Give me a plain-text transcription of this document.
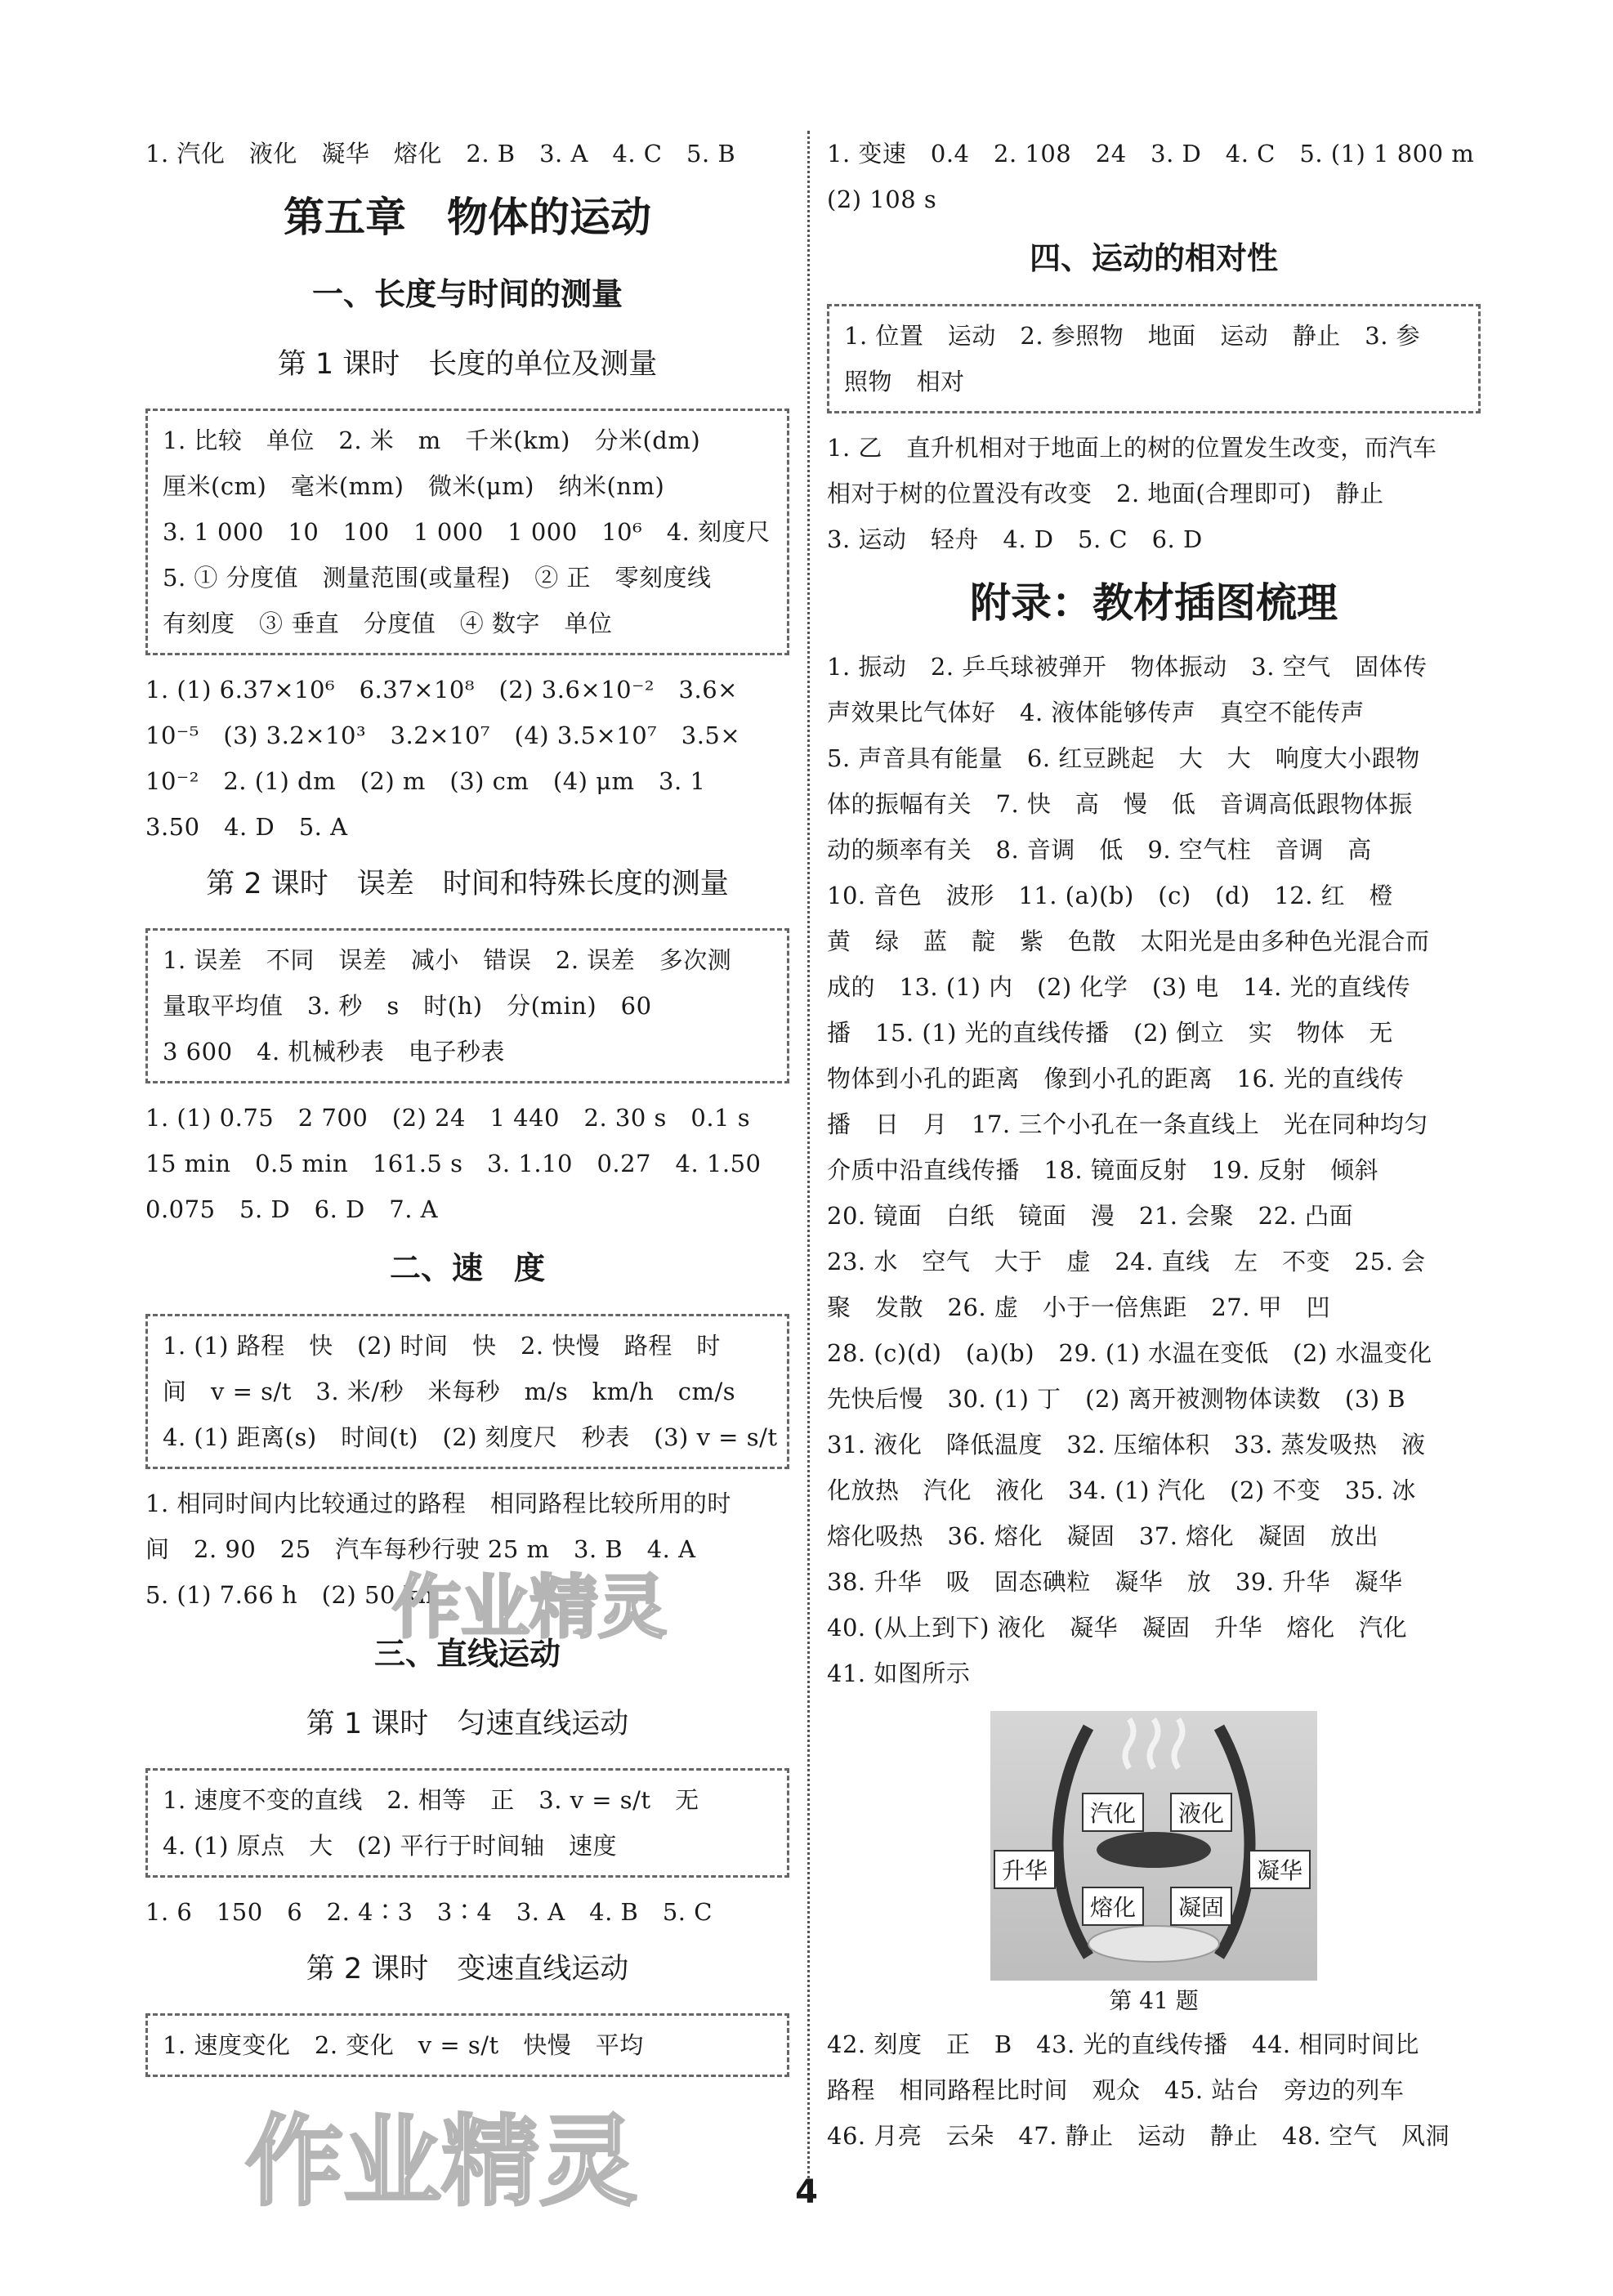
1. 汽化　液化　凝华　熔化　2. B　3. A　4. C　5. B
第五章　物体的运动
一、长度与时间的测量
第 1 课时　长度的单位及测量
1. 比较　单位　2. 米　m　千米(km)　分米(dm)
厘米(cm)　毫米(mm)　微米(μm)　纳米(nm)
3. 1 000　10　100　1 000　1 000　10⁶　4. 刻度尺
5. ① 分度值　测量范围(或量程)　② 正　零刻度线
有刻度　③ 垂直　分度值　④ 数字　单位
1. (1) 6.37×10⁶　6.37×10⁸　(2) 3.6×10⁻²　3.6×
10⁻⁵　(3) 3.2×10³　3.2×10⁷　(4) 3.5×10⁷　3.5×
10⁻²　2. (1) dm　(2) m　(3) cm　(4) μm　3. 1
3.50　4. D　5. A
第 2 课时　误差　时间和特殊长度的测量
1. 误差　不同　误差　减小　错误　2. 误差　多次测
量取平均值　3. 秒　s　时(h)　分(min)　60
3 600　4. 机械秒表　电子秒表
1. (1) 0.75　2 700　(2) 24　1 440　2. 30 s　0.1 s
15 min　0.5 min　161.5 s　3. 1.10　0.27　4. 1.50
0.075　5. D　6. D　7. A
二、速　度
1. (1) 路程　快　(2) 时间　快　2. 快慢　路程　时
间　v = s/t　3. 米/秒　米每秒　m/s　km/h　cm/s
4. (1) 距离(s)　时间(t)　(2) 刻度尺　秒表　(3) v = s/t
1. 相同时间内比较通过的路程　相同路程比较所用的时
间　2. 90　25　汽车每秒行驶 25 m　3. B　4. A
5. (1) 7.66 h　(2) 50 km
三、直线运动
第 1 课时　匀速直线运动
1. 速度不变的直线　2. 相等　正　3. v = s/t　无
4. (1) 原点　大　(2) 平行于时间轴　速度
1. 6　150　6　2. 4∶3　3∶4　3. A　4. B　5. C
第 2 课时　变速直线运动
1. 速度变化　2. 变化　v = s/t　快慢　平均
1. 变速　0.4　2. 108　24　3. D　4. C　5. (1) 1 800 m
(2) 108 s
四、运动的相对性
1. 位置　运动　2. 参照物　地面　运动　静止　3. 参
照物　相对
1. 乙　直升机相对于地面上的树的位置发生改变，而汽车
相对于树的位置没有改变　2. 地面(合理即可)　静止
3. 运动　轻舟　4. D　5. C　6. D
附录：教材插图梳理
1. 振动　2. 乒乓球被弹开　物体振动　3. 空气　固体传
声效果比气体好　4. 液体能够传声　真空不能传声
5. 声音具有能量　6. 红豆跳起　大　大　响度大小跟物
体的振幅有关　7. 快　高　慢　低　音调高低跟物体振
动的频率有关　8. 音调　低　9. 空气柱　音调　高
10. 音色　波形　11. (a)(b)　(c)　(d)　12. 红　橙
黄　绿　蓝　靛　紫　色散　太阳光是由多种色光混合而
成的　13. (1) 内　(2) 化学　(3) 电　14. 光的直线传
播　15. (1) 光的直线传播　(2) 倒立　实　物体　无
物体到小孔的距离　像到小孔的距离　16. 光的直线传
播　日　月　17. 三个小孔在一条直线上　光在同种均匀
介质中沿直线传播　18. 镜面反射　19. 反射　倾斜
20. 镜面　白纸　镜面　漫　21. 会聚　22. 凸面
23. 水　空气　大于　虚　24. 直线　左　不变　25. 会
聚　发散　26. 虚　小于一倍焦距　27. 甲　凹
28. (c)(d)　(a)(b)　29. (1) 水温在变低　(2) 水温变化
先快后慢　30. (1) 丁　(2) 离开被测物体读数　(3) B
31. 液化　降低温度　32. 压缩体积　33. 蒸发吸热　液
化放热　汽化　液化　34. (1) 汽化　(2) 不变　35. 冰
熔化吸热　36. 熔化　凝固　37. 熔化　凝固　放出
38. 升华　吸　固态碘粒　凝华　放　39. 升华　凝华
40. (从上到下) 液化　凝华　凝固　升华　熔化　汽化
41. 如图所示
汽化	液化
升华	凝华
熔化	凝固
第 41 题
42. 刻度　正　B　43. 光的直线传播　44. 相同时间比
路程　相同路程比时间　观众　45. 站台　旁边的列车
46. 月亮　云朵　47. 静止　运动　静止　48. 空气　风洞
作业精灵
作业精灵	4
